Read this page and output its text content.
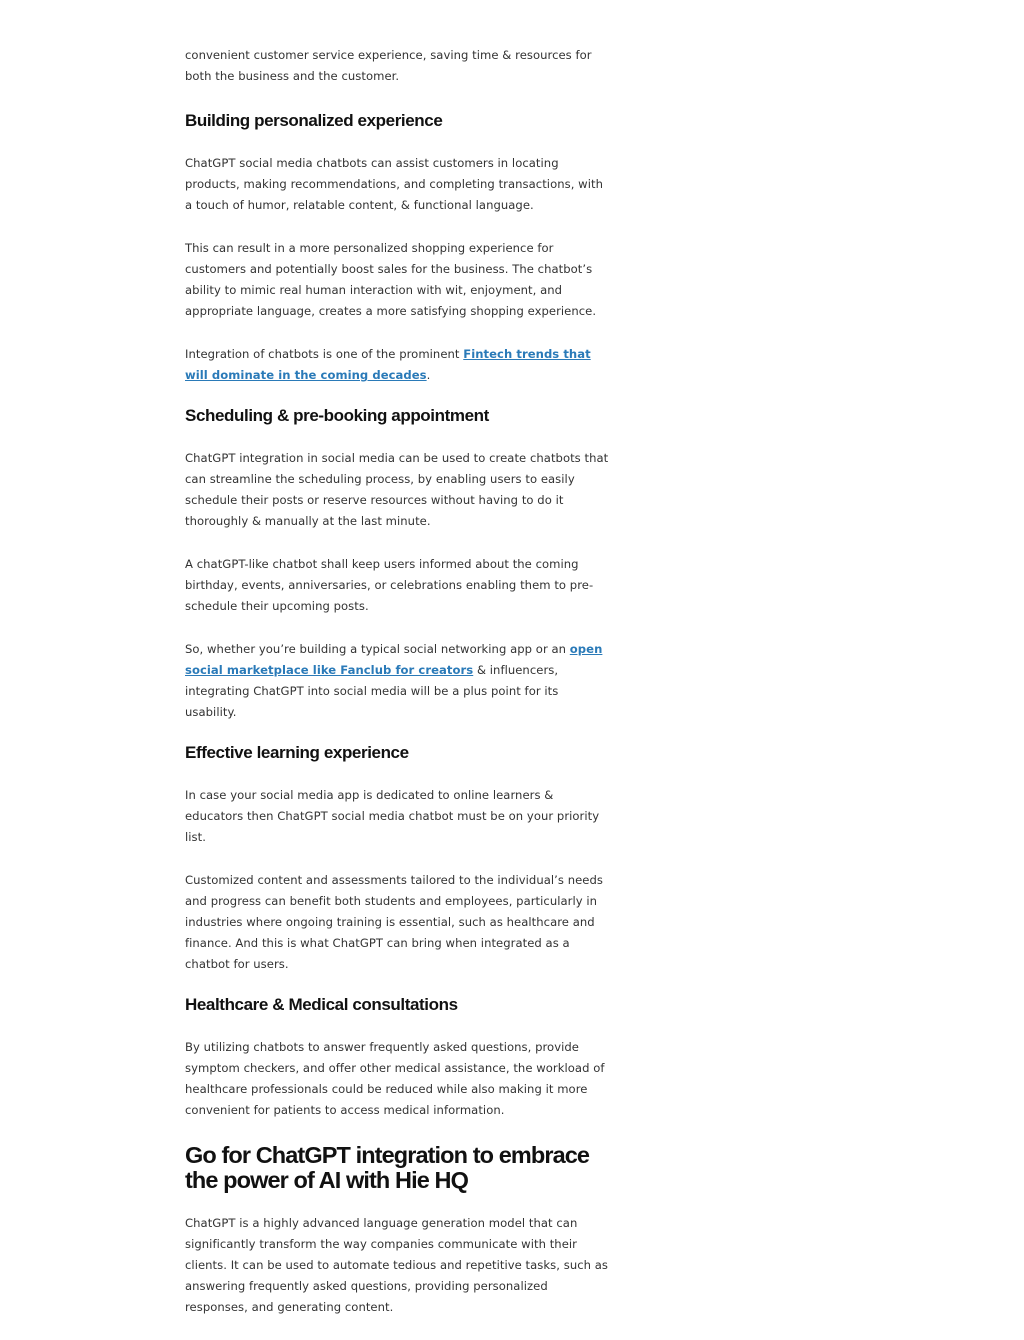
convenient customer service experience, saving time & resources for both the business and the customer.

Building personalized experience

ChatGPT social media chatbots can assist customers in locating products, making recommendations, and completing transactions, with a touch of humor, relatable content, & functional language.

This can result in a more personalized shopping experience for customers and potentially boost sales for the business. The chatbot’s ability to mimic real human interaction with wit, enjoyment, and appropriate language, creates a more satisfying shopping experience.

Integration of chatbots is one of the prominent Fintech trends that will dominate in the coming decades.

Scheduling & pre-booking appointment

ChatGPT integration in social media can be used to create chatbots that can streamline the scheduling process, by enabling users to easily schedule their posts or reserve resources without having to do it thoroughly & manually at the last minute.

A chatGPT-like chatbot shall keep users informed about the coming birthday, events, anniversaries, or celebrations enabling them to pre-schedule their upcoming posts.

So, whether you’re building a typical social networking app or an open social marketplace like Fanclub for creators & influencers, integrating ChatGPT into social media will be a plus point for its usability.

Effective learning experience

In case your social media app is dedicated to online learners & educators then ChatGPT social media chatbot must be on your priority list.

Customized content and assessments tailored to the individual’s needs and progress can benefit both students and employees, particularly in industries where ongoing training is essential, such as healthcare and finance. And this is what ChatGPT can bring when integrated as a chatbot for users.

Healthcare & Medical consultations

By utilizing chatbots to answer frequently asked questions, provide symptom checkers, and offer other medical assistance, the workload of healthcare professionals could be reduced while also making it more convenient for patients to access medical information.

Go for ChatGPT integration to embrace the power of AI with Hie HQ

ChatGPT is a highly advanced language generation model that can significantly transform the way companies communicate with their clients. It can be used to automate tedious and repetitive tasks, such as answering frequently asked questions, providing personalized responses, and generating content.
